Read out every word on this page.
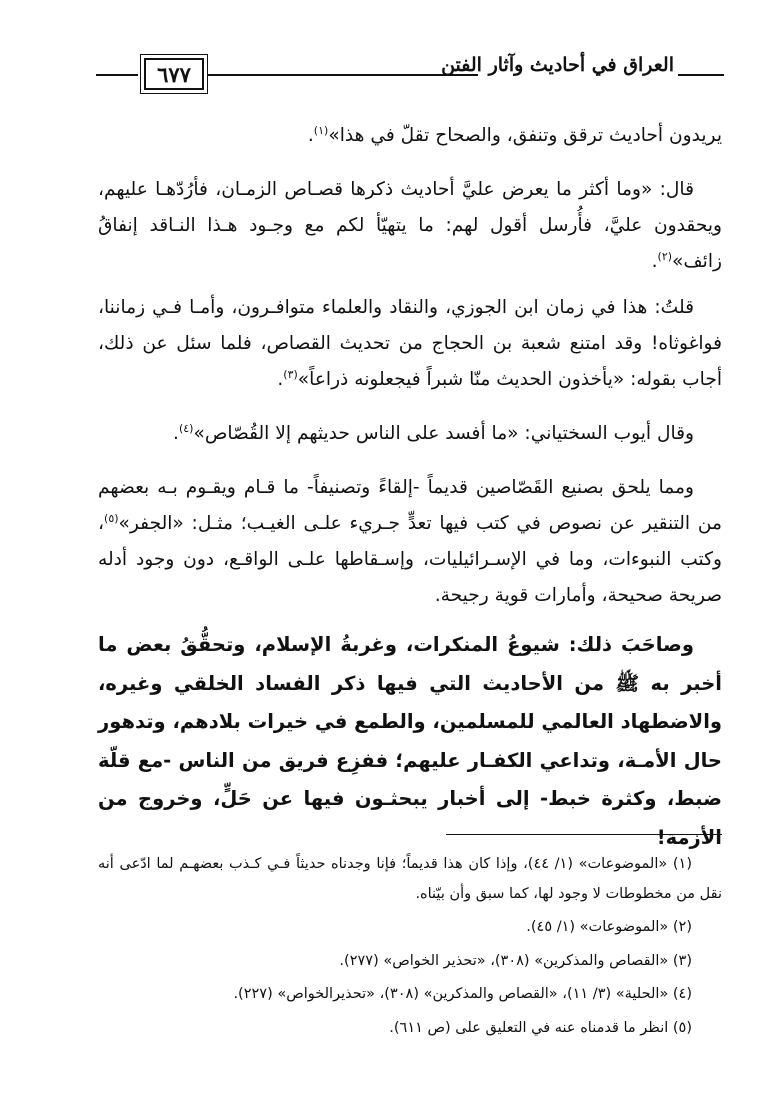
٦٧٧	العراق في أحاديث وآثار الفتن
يريدون أحاديث ترقق وتنفق، والصحاح تقلّ في هذا»$^{(١)}$.
قال: «وما أكثر ما يعرض عليَّ أحاديث ذكرها قصـاص الزمـان، فأرُدّهـا عليهم، ويحقدون عليَّ، فأُرسل أقول لهم: ما يتهيّأ لكم مع وجـود هـذا النـاقد إنفاقُ زائف»$^{(٢)}$.
قلتُ: هذا في زمان ابن الجوزي، والنقاد والعلماء متوافـرون، وأمـا فـي زماننا، فواغوثاه! وقد امتنع شعبة بن الحجاج من تحديث القصاص، فلما سئل عن ذلك، أجاب بقوله: «يأخذون الحديث منّا شبراً فيجعلونه ذراعاً»$^{(٣)}$.
وقال أيوب السختياني: «ما أفسد على الناس حديثهم إلا القُصّاص»$^{(٤)}$.
ومما يلحق بصنيع القَصّاصين قديماً -إلقاءً وتصنيفاً- ما قـام ويقـوم بـه بعضهم من التنقير عن نصوص في كتب فيها تعدٍّ جـريء علـى الغيـب؛ مثـل: «الجفر»$^{(٥)}$، وكتب النبوءات، وما في الإسـرائيليات، وإسـقاطها علـى الواقـع، دون وجود أدله صريحة صحيحة، وأمارات قوية رجيحة.
وصاحَبَ ذلك: شيوعُ المنكرات، وغربةُ الإسلام، وتحقُّقُ بعض ما أخبر به ﷺ من الأحاديث التي فيها ذكر الفساد الخلقي وغيره، والاضطهاد العالمي للمسلمين، والطمع في خيرات بلادهم، وتدهور حال الأمـة، وتداعي الكفـار عليهم؛ ففزِع فريق من الناس -مع قلّة ضبط، وكثرة خبط- إلى أخبار يبحثـون فيها عن حَلٍّ، وخروج من الأزمة!
(١) «الموضوعات» (١/ ٤٤)، وإذا كان هذا قديماً؛ فإنا وجدناه حديثاً فـي كـذب بعضهـم لما ادّعى أنه نقل من مخطوطات لا وجود لها، كما سبق وأن بيّناه.
(٢) «الموضوعات» (١/ ٤٥).
(٣) «القصاص والمذكرين» (٣٠٨)، «تحذير الخواص» (٢٧٧).
(٤) «الحلية» (٣/ ١١)، «القصاص والمذكرين» (٣٠٨)، «تحذيرالخواص» (٢٢٧).
(٥) انظر ما قدمناه عنه في التعليق على (ص ٦١١).
